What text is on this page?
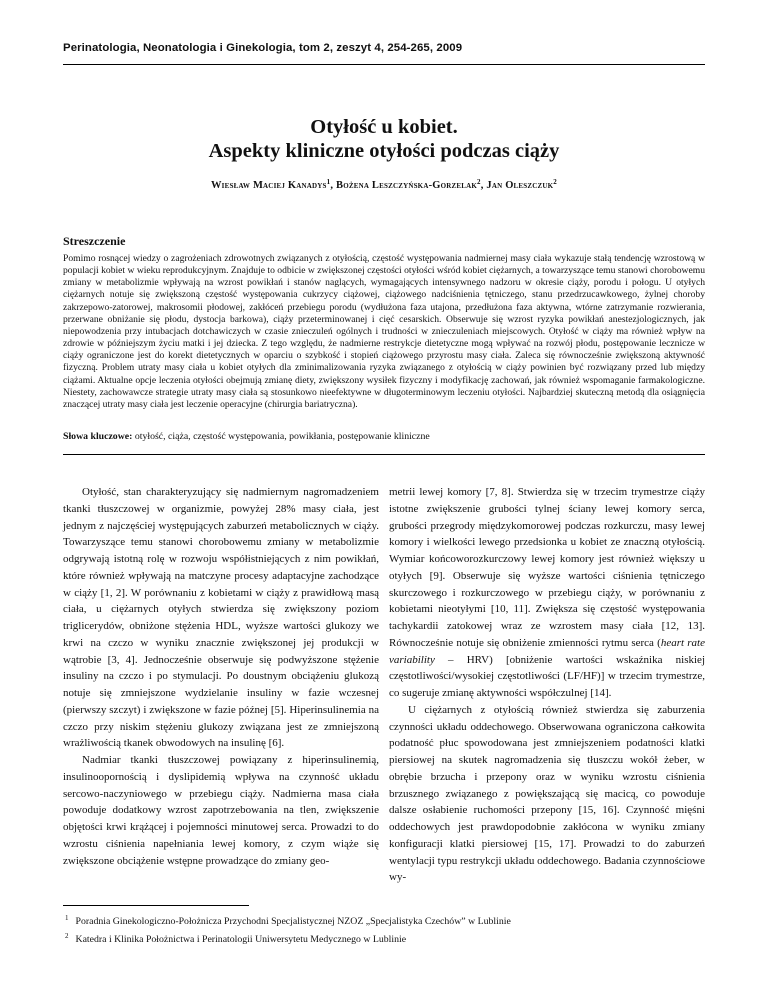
Perinatologia, Neonatologia i Ginekologia, tom 2, zeszyt 4, 254-265, 2009
Otyłość u kobiet.
Aspekty kliniczne otyłości podczas ciąży
Wiesław Maciej Kanadys$^1$, Bożena Leszczyńska-Gorzelak$^2$, Jan Oleszczuk$^2$
Streszczenie
Pomimo rosnącej wiedzy o zagrożeniach zdrowotnych związanych z otyłością, częstość występowania nadmiernej masy ciała wykazuje stałą tendencję wzrostową w populacji kobiet w wieku reprodukcyjnym. Znajduje to odbicie w zwiększonej częstości otyłości wśród kobiet ciężarnych, a towarzyszące temu stanowi chorobowemu zmiany w metabolizmie wpływają na wzrost powikłań i stanów naglących, wymagających intensywnego nadzoru w okresie ciąży, porodu i połogu. U otyłych ciężarnych notuje się zwiększoną częstość występowania cukrzycy ciążowej, ciążowego nadciśnienia tętniczego, stanu przedrzucawkowego, żylnej choroby zakrzepowo-zatorowej, makrosomii płodowej, zakłóceń przebiegu porodu (wydłużona faza utajona, przedłużona faza aktywna, wtórne zatrzymanie rozwierania, przerwane obniżanie się płodu, dystocja barkowa), ciąży przeterminowanej i cięć cesarskich. Obserwuje się wzrost ryzyka powikłań anestezjologicznych, jak niepowodzenia przy intubacjach dotchawiczych w czasie znieczuleń ogólnych i trudności w znieczuleniach miejscowych. Otyłość w ciąży ma również wpływ na zdrowie w późniejszym życiu matki i jej dziecka. Z tego względu, że nadmierne restrykcje dietetyczne mogą wpływać na rozwój płodu, postępowanie lecznicze w ciąży ograniczone jest do korekt dietetycznych w oparciu o szybkość i stopień ciążowego przyrostu masy ciała. Zaleca się równocześnie zwiększoną aktywność fizyczną. Problem utraty masy ciała u kobiet otyłych dla zminimalizowania ryzyka związanego z otyłością w ciąży powinien być rozwiązany przed lub między ciążami. Aktualne opcje leczenia otyłości obejmują zmianę diety, zwiększony wysiłek fizyczny i modyfikację zachowań, jak również wspomaganie farmakologiczne. Niestety, zachowawcze strategie utraty masy ciała są stosunkowo nieefektywne w długoterminowym leczeniu otyłości. Najbardziej skuteczną metodą dla osiągnięcia znaczącej utraty masy ciała jest leczenie operacyjne (chirurgia bariatryczna).
Słowa kluczowe: otyłość, ciąża, częstość występowania, powikłania, postępowanie kliniczne

Otyłość, stan charakteryzujący się nadmiernym nagromadzeniem tkanki tłuszczowej w organizmie, powyżej 28% masy ciała, jest jednym z najczęściej występujących zaburzeń metabolicznych w ciąży. Towarzyszące temu stanowi chorobowemu zmiany w metabolizmie odgrywają istotną rolę w rozwoju współistniejących z nim powikłań, które również wpływają na matczyne procesy adaptacyjne zachodzące w ciąży [1, 2]. W porównaniu z kobietami w ciąży z prawidłową masą ciała, u ciężarnych otyłych stwierdza się zwiększony poziom triglicerydów, obniżone stężenia HDL, wyższe wartości glukozy we krwi na czczo w wyniku znacznie zwiększonej jej produkcji w wątrobie [3, 4]. Jednocześnie obserwuje się podwyższone stężenie insuliny na czczo i po stymulacji. Po doustnym obciążeniu glukozą notuje się zmniejszone wydzielanie insuliny w fazie wczesnej (pierwszy szczyt) i zwiększone w fazie późnej [5]. Hiperinsulinemia na czczo przy niskim stężeniu glukozy związana jest ze zmniejszoną wrażliwością tkanek obwodowych na insulinę [6].

Nadmiar tkanki tłuszczowej powiązany z hiperinsulinemią, insulinoopornością i dyslipidemią wpływa na czynność układu sercowo-naczyniowego w przebiegu ciąży. Nadmierna masa ciała powoduje dodatkowy wzrost zapotrzebowania na tlen, zwiększenie objętości krwi krążącej i pojemności minutowej serca. Prowadzi to do wzrostu ciśnienia napełniania lewej komory, z czym wiąże się zwiększone obciążenie wstępne prowadzące do zmiany geo-

metrii lewej komory [7, 8]. Stwierdza się w trzecim trymestrze ciąży istotne zwiększenie grubości tylnej ściany lewej komory serca, grubości przegrody międzykomorowej podczas rozkurczu, masy lewej komory i wielkości lewego przedsionka u kobiet ze znaczną otyłością. Wymiar końcoworozkurczowy lewej komory jest również większy u otyłych [9]. Obserwuje się wyższe wartości ciśnienia tętniczego skurczowego i rozkurczowego w przebiegu ciąży, w porównaniu z kobietami nieotyłymi [10, 11]. Zwiększa się częstość występowania tachykardii zatokowej wraz ze wzrostem masy ciała [12, 13]. Równocześnie notuje się obniżenie zmienności rytmu serca (heart rate variability – HRV) [obniżenie wartości wskaźnika niskiej częstotliwości/wysokiej częstotliwości (LF/HF)] w trzecim trymestrze, co sugeruje zmianę aktywności współczulnej [14].

U ciężarnych z otyłością również stwierdza się zaburzenia czynności układu oddechowego. Obserwowana ograniczona całkowita podatność płuc spowodowana jest zmniejszeniem podatności klatki piersiowej na skutek nagromadzenia się tłuszczu wokół żeber, w obrębie brzucha i przepony oraz w wyniku wzrostu ciśnienia brzusznego związanego z powiększającą się macicą, co powoduje dalsze osłabienie ruchomości przepony [15, 16]. Czynność mięśni oddechowych jest prawdopodobnie zakłócona w wyniku zmiany konfiguracji klatki piersiowej [15, 17]. Prowadzi to do zaburzeń wentylacji typu restrykcji układu oddechowego. Badania czynnościowe wy-

$^1$ Poradnia Ginekologiczno-Położnicza Przychodni Specjalistycznej NZOZ „Specjalistyka Czechów” w Lublinie
$^2$ Katedra i Klinika Położnictwa i Perinatologii Uniwersytetu Medycznego w Lublinie
